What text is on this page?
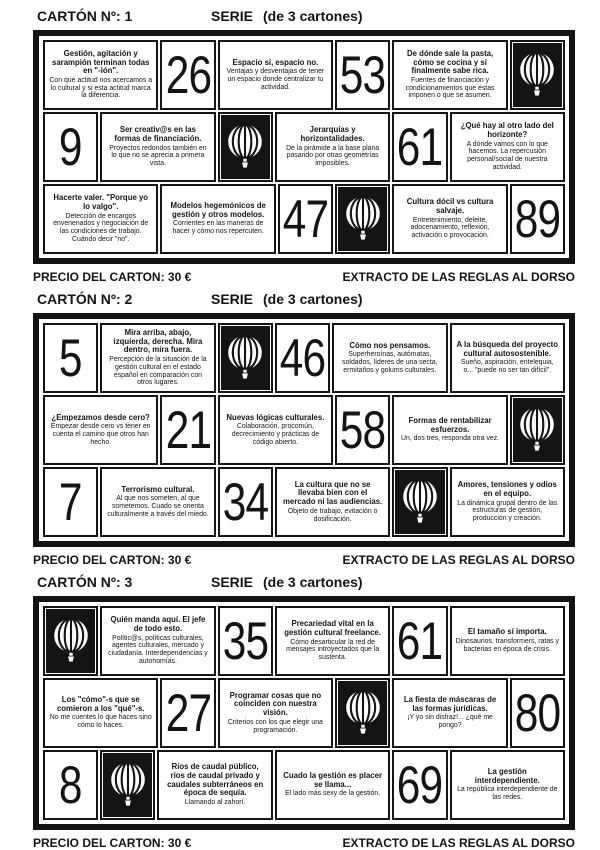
CARTÓN Nº: 1	SERIE (de 3 cartones)
Gestión, agitación y sarampión terminan todas en "-ión".
Con qué actitud nos acercamos a lo cultural y si esta actitud marca la diferencia. 26	Espacio sí, espacio no.
Ventajas y desventajas de tener un espacio donde centralizar tu actividad. 53	De dónde sale la pasta, cómo se cocina y si finalmente sabe rica.
Fuentes de financiación y condicionamientos que éstas imponen o que se asumen.
9	Ser creativ@s en las formas de financiación.
Proyectos redondos también en lo que no se aprecia a primera vista.
Jerarquías y horizontalidades.
De la pirámide a la base plana pasando por otras geometrías imposibles. 61	¿Qué hay al otro lado del horizonte?
A dónde vamos con lo que hacemos. La repercusión personal/social de nuestra actividad.
Hacerte valer. "Porque yo lo valgo".
Detección de encargos envenenados y negociación de las condiciones de trabajo. Cuándo decir "no".
Modelos hegemónicos de gestión y otros modelos.
Corrientes en las maneras de hacer y cómo nos repercuten. 47	Cultura dócil vs cultura salvaje.
Entretenimiento, deleite, adocenamiento, reflexión, activación o provocación. 89
PRECIO DEL CARTON: 30 €	EXTRACTO DE LAS REGLAS AL DORSO
CARTÓN Nº: 2	SERIE (de 3 cartones)
5	Mira arriba, abajo, izquierda, derecha. Mira dentro, mira fuera.
Percepción de la situación de la gestión cultural en el estado español en comparación con otros lugares.	46	Cómo nos pensamos.
Superheroínas, autómatas, soldados, líderes de una secta, ermitaños y golums culturales.
A la búsqueda del proyecto cultural autosostenible.
Sueño, aspiración, entelequia, o... "puede no ser tan difícil".
¿Empezamos desde cero?
Empezar desde cero vs tener en cuenta el camino que otros han hecho.	21 Nuevas lógicas culturales.
Colaboración, procomún, decrecimiento y prácticas de código abierto. 58	Formas de rentabilizar esfuerzos.
Un, dos tres, responda otra vez.
7	Terrorismo cultural.
Al que nos someten, al que sometemos. Cuado se orienta culturalmente a través del miedo. 34	La cultura que no se llevaba bien con el mercado ni las audiencias.
Objeto de trabajo, evitación o dosificación.
Amores, tensiones y odios en el equipo.
La dinámica grupal dentro de las estructuras de gestión, producción y creación.
PRECIO DEL CARTON: 30 €	EXTRACTO DE LAS REGLAS AL DORSO
CARTÓN Nº: 3	SERIE (de 3 cartones)
Quién manda aquí. El jefe de todo esto.
Polític@s, políticas culturales, agentes culturales, mercado y ciudadanía. Interdependencias y autonomías. 35	Precariedad vital en la gestión cultural freelance.
Cómo desarticular la red de mensajes introyectados que la sustenta. 61	El tamaño sí importa.
Dinosaurios, transformers, ratas y bacterias en época de crisis.
Los "cómo"-s que se comieron a los "qué"-s.
No me cuentes lo que haces sino cómo lo haces. 27	Programar cosas que no coinciden con nuestra visión.
Criterios con los que elegir una programación.
La fiesta de máscaras de las formas jurídicas.
¡Y yo sin disfraz!... ¿qué me pongo?	80
8	Ríos de caudal público, ríos de caudal privado y caudales subterráneos en época de sequía.
Llamando al zahorí.
Cuado la gestión es placer se llama...
El lado más sexy de la gestión. 69	La gestión interdependiente.
La república interdependiente de las redes.
PRECIO DEL CARTON: 30 €	EXTRACTO DE LAS REGLAS AL DORSO
